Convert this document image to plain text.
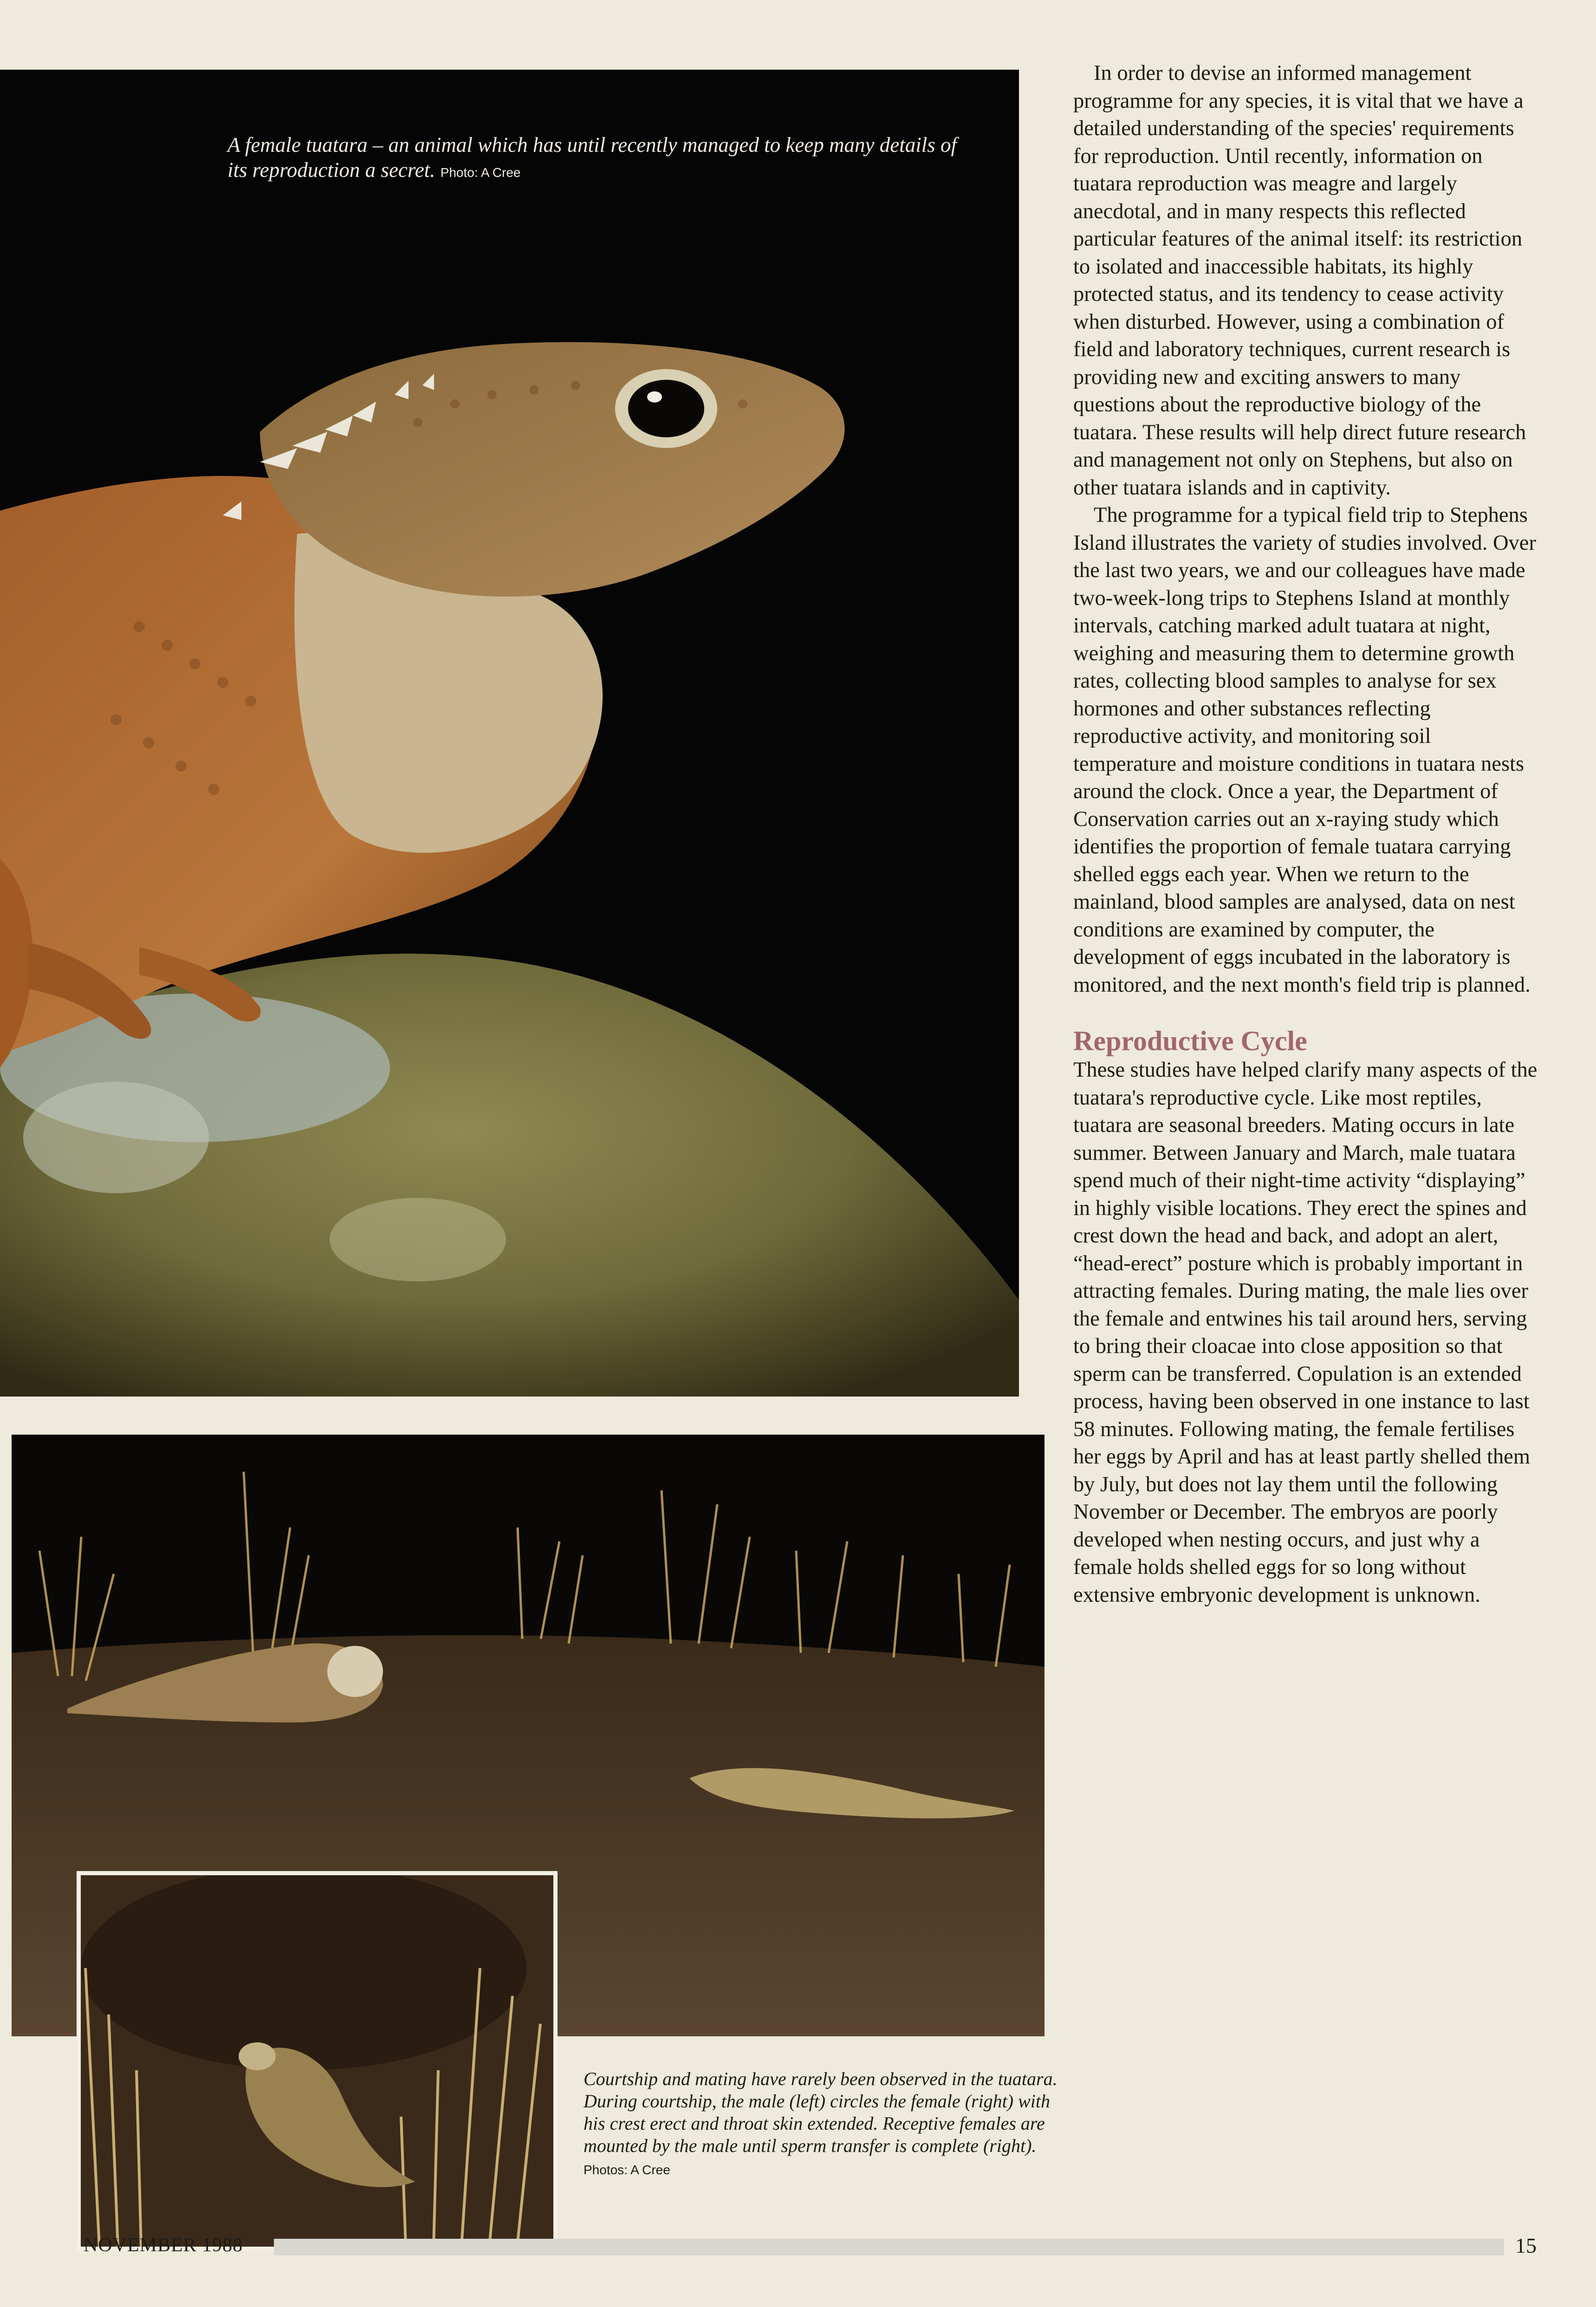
A female tuatara – an animal which has until recently managed to keep many details of its reproduction a secret. Photo: A Cree
Courtship and mating have rarely been observed in the tuatara. During courtship, the male (left) circles the female (right) with his crest erect and throat skin extended. Receptive females are mounted by the male until sperm transfer is complete (right). Photos: A Cree

In order to devise an informed management programme for any species, it is vital that we have a detailed understanding of the species' requirements for reproduction. Until recently, information on tuatara reproduction was meagre and largely anecdotal, and in many respects this reflected particular features of the animal itself: its restriction to isolated and inaccessible habitats, its highly protected status, and its tendency to cease activity when disturbed. However, using a combination of field and laboratory techniques, current research is providing new and exciting answers to many questions about the reproductive biology of the tuatara. These results will help direct future research and management not only on Stephens, but also on other tuatara islands and in captivity.

The programme for a typical field trip to Stephens Island illustrates the variety of studies involved. Over the last two years, we and our colleagues have made two-week-long trips to Stephens Island at monthly intervals, catching marked adult tuatara at night, weighing and measuring them to determine growth rates, collecting blood samples to analyse for sex hormones and other substances reflecting reproductive activity, and monitoring soil temperature and moisture conditions in tuatara nests around the clock. Once a year, the Department of Conservation carries out an x-raying study which identifies the proportion of female tuatara carrying shelled eggs each year. When we return to the mainland, blood samples are analysed, data on nest conditions are examined by computer, the development of eggs incubated in the laboratory is monitored, and the next month's field trip is planned.

Reproductive Cycle

These studies have helped clarify many aspects of the tuatara's reproductive cycle. Like most reptiles, tuatara are seasonal breeders. Mating occurs in late summer. Between January and March, male tuatara spend much of their night-time activity “displaying” in highly visible locations. They erect the spines and crest down the head and back, and adopt an alert, “head-erect” posture which is probably important in attracting females. During mating, the male lies over the female and entwines his tail around hers, serving to bring their cloacae into close apposition so that sperm can be transferred. Copulation is an extended process, having been observed in one instance to last 58 minutes. Following mating, the female fertilises her eggs by April and has at least partly shelled them by July, but does not lay them until the following November or December. The embryos are poorly developed when nesting occurs, and just why a female holds shelled eggs for so long without extensive embryonic development is unknown.

NOVEMBER 1988	15
